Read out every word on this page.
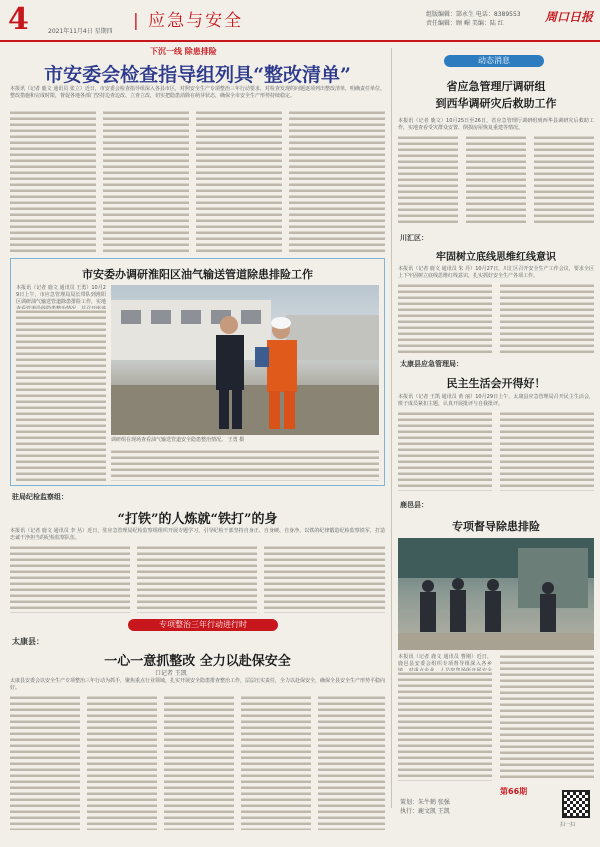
4	2021年11月4日 星期四
| 应急与安全	组版编辑：郜永生 电话：8389553
责任编辑：顾 嵋 美编：陆 红	周口日报
下沉一线 除患排险
市安委会检查指导组列具“整改清单”
本报讯（记者 鹿文 通讯员 张立）近日，市安委会检查指导组深入各县市区，对照安全生产专项整治三年行动要求，对检查发现的问题逐项列出整改清单，明确责任单位、整改措施和完成时限，督促各地各部门坚持边查边改、立查立改，切实把隐患消除在萌芽状态，确保全市安全生产形势持续稳定。
市安委办调研淮阳区油气输送管道除患排险工作
本报讯（记者 鹿文 通讯员 王勇）10月29日上午，市应急管理局局长带队到淮阳区调研油气输送管道除患排险工作，实地
调研组在现场查看油气输送管道安全隐患整治情况。 王勇 摄
驻局纪检监察组：
“打铁”的人炼就“铁打”的身
本报讯（记者 鹿文 通讯员 李 丛）近日，驻应急管理局纪检监察组组织开展专题学习，引导纪检干部坚持自身正、自身硬、自身净，以铁的纪律锻造纪检监察铁军，打造忠诚干净担当的纪检监察队伍。
专项整治三年行动进行时
太康县：
一心一意抓整改 全力以赴保安全
口记者 王凯
太康县安委会以安全生产专项整治三年行动为抓手，聚焦重点行业领域，扎实开展安全隐患排查整治工作，层层压实责任，全力以赴保安全，确保全县安全生产形势平稳向好。
动态消息
省应急管理厅调研组
到西华调研灾后救助工作
本报讯（记者 鹿文）10月25日至26日，省应急管理厅调研组到西华县调研灾后救助工作，实地查看受灾群众安置、倒损房屋恢复重建等情况。
川汇区：
牢固树立底线思维红线意识
本报讯（记者 鹿文 通讯员 朱 丹）10月27日，川汇区召开安全生产工作会议，要求全区上下牢固树立底线思维红线意识，扎实抓好安全生产各项工作。
太康县应急管理局：
民主生活会开得好！
本报讯（记者 王凯 通讯员 黄 丽）10月29日上午，太康县应急管理局召开民主生活会，班子成员紧扣主题，认真开展批评与自我批评。
鹿邑县：
专项督导除患排险
本报讯（记者 鹿文 通讯员 曹刚）近日，鹿邑县安委会组织专项督导组深入各乡
第66期
策划：朱牛鹤 张强
执行：鹿文凯 王凯
扫一扫
